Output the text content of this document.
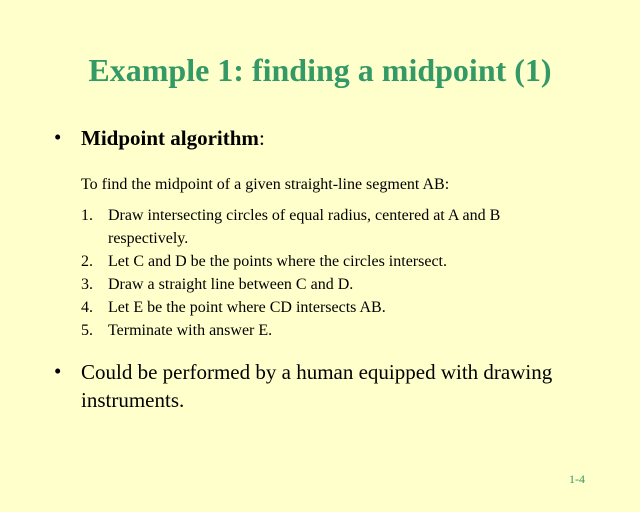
Example 1: finding a midpoint (1)
• Midpoint algorithm:
To find the midpoint of a given straight-line segment AB:
1. Draw intersecting circles of equal radius, centered at A and B respectively.
2. Let C and D be the points where the circles intersect.
3. Draw a straight line between C and D.
4. Let E be the point where CD intersects AB.
5. Terminate with answer E.
• Could be performed by a human equipped with drawing instruments.
1-4
